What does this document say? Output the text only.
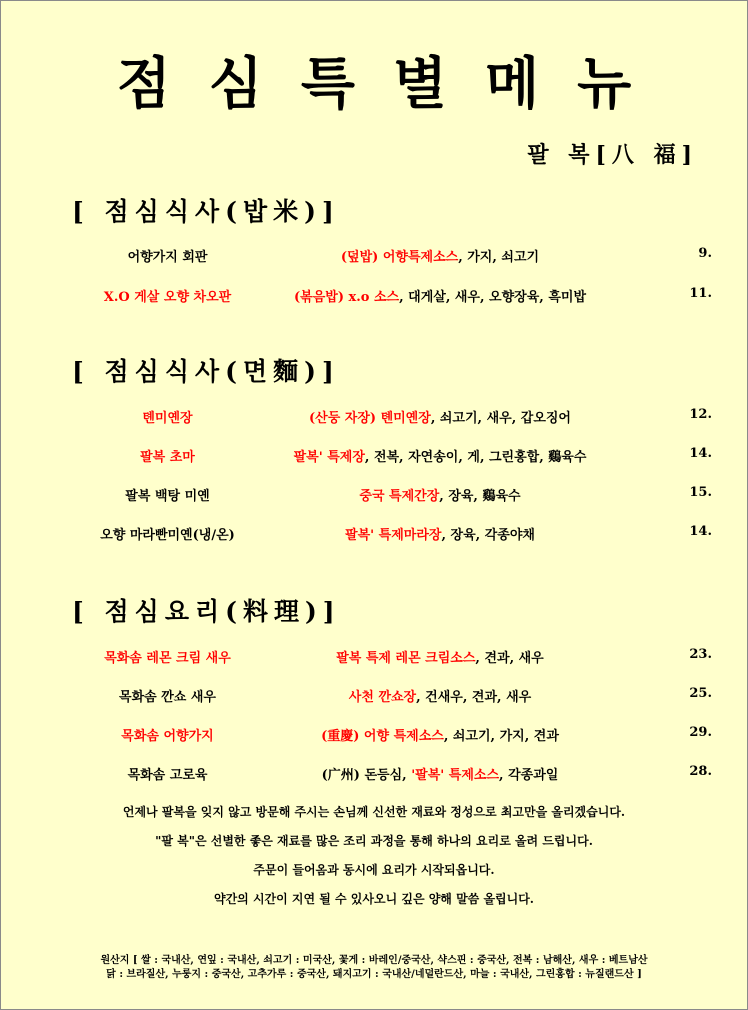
점심특별메뉴
팔 복[八 福]
[ 점심식사(밥米)]
어향가지 회판	(덮밥) 어향특제소스, 가지, 쇠고기	9.
X.O 게살 오향 차오판	(볶음밥) x.o 소스, 대게살, 새우, 오향장육, 흑미밥	11.
[ 점심식사(면麵)]
톈미옌장	(산둥 자장) 톈미옌장, 쇠고기, 새우, 갑오징어	12.
팔복 초마	팔복' 특제장, 전복, 자연송이, 게, 그린홍합, 鷄육수	14.
팔복 백탕 미옌	중국 특제간장, 장육, 鷄육수	15.
오향 마라빤미옌(냉/온)	팔복' 특제마라장, 장육, 각종야채	14.
[ 점심요리(料理)]
목화솜 레몬 크림 새우	팔복 특제 레몬 크림소스, 견과, 새우	23.
목화솜 깐쇼 새우	사천 깐쇼장, 건새우, 견과, 새우	25.
목화솜 어향가지	(重慶) 어향 특제소스, 쇠고기, 가지, 견과	29.
목화솜 고로육	(广州) 돈등심, '팔복' 특제소스, 각종과일	28.
언제나 팔복을 잊지 않고 방문해 주시는 손님께 신선한 재료와 정성으로 최고만을 올리겠습니다.
"팔 복"은 선별한 좋은 재료를 많은 조리 과정을 통해 하나의 요리로 올려 드립니다.
주문이 들어옴과 동시에 요리가 시작되옵니다.
약간의 시간이 지연 될 수 있사오니 깊은 양해 말씀 올립니다.
원산지 [ 쌀 : 국내산, 연잎 : 국내산, 쇠고기 : 미국산, 꽃게 : 바레인/중국산, 샥스핀 : 중국산, 전복 : 남해산, 새우 : 베트남산
닭 : 브라질산, 누룽지 : 중국산, 고추가루 : 중국산, 돼지고기 : 국내산/네덜란드산, 마늘 : 국내산, 그린홍합 : 뉴질랜드산 ]
